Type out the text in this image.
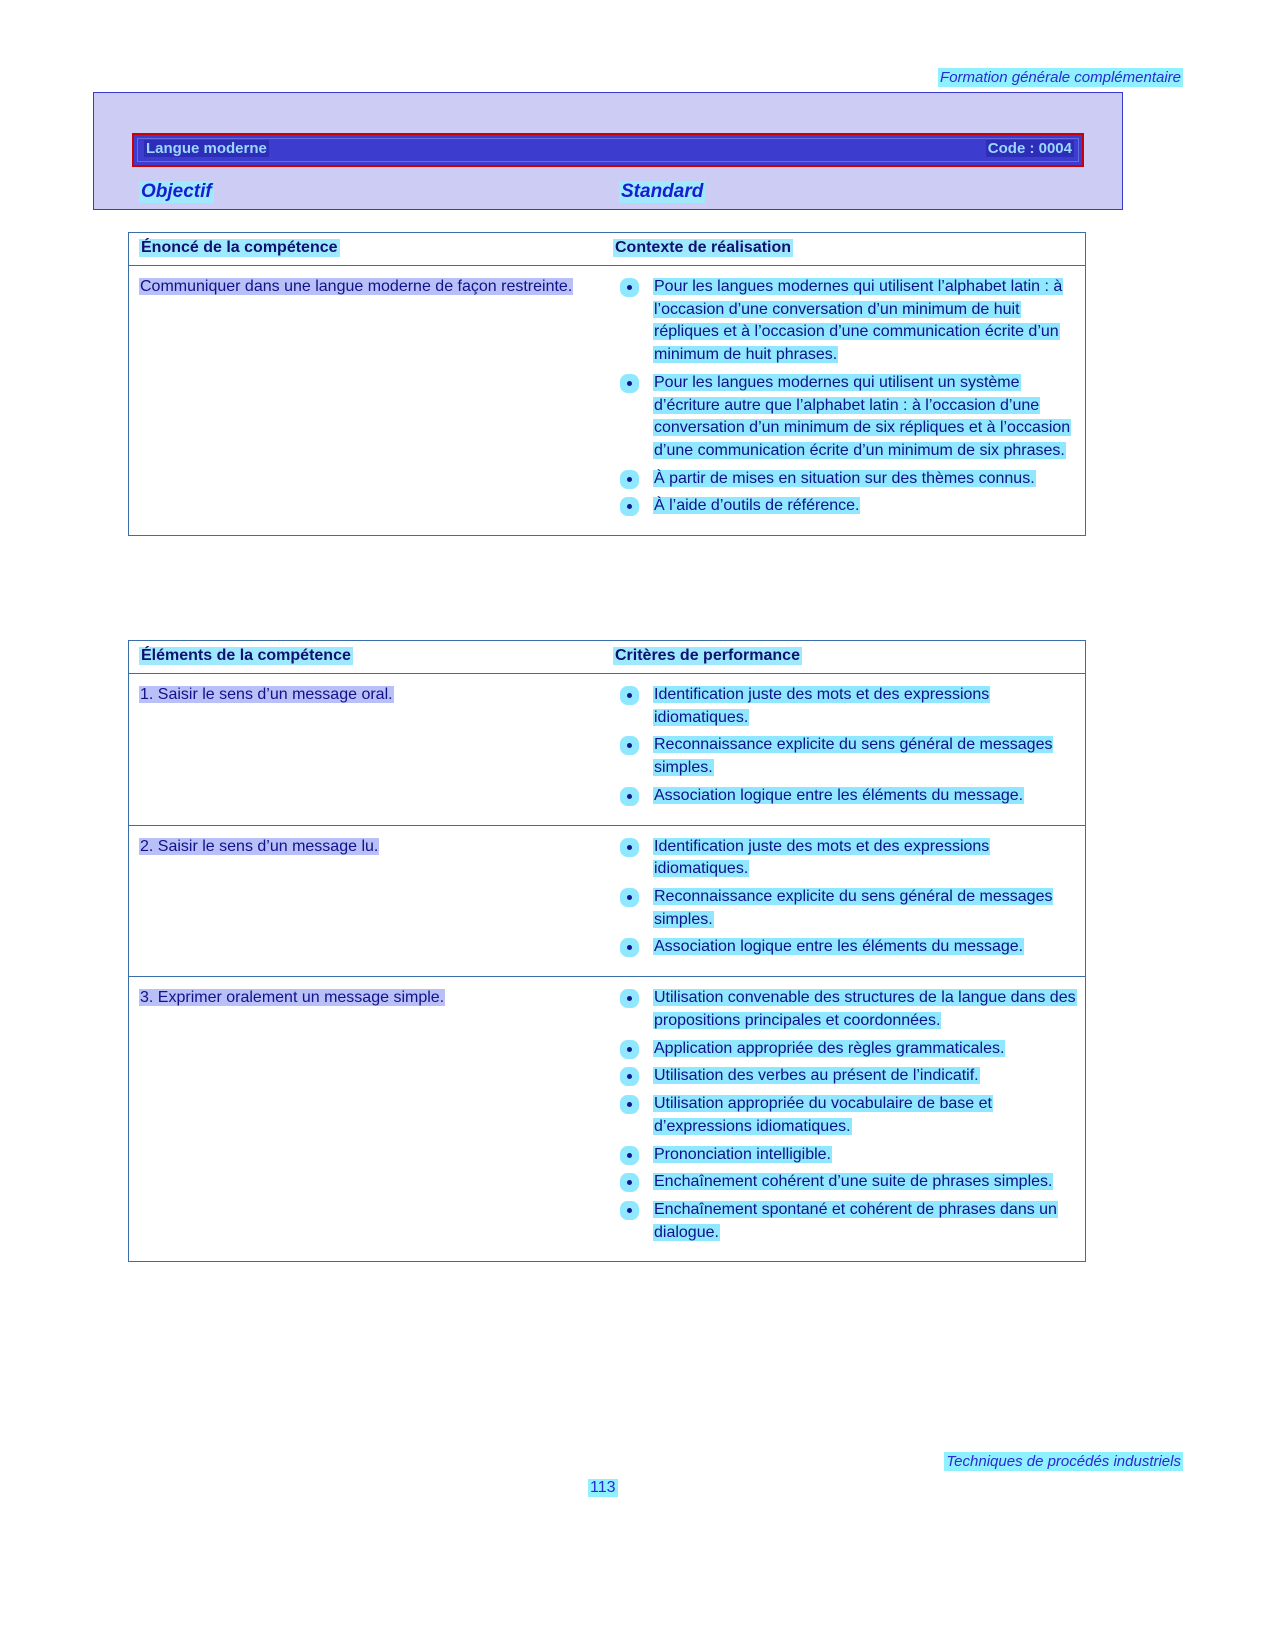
Formation générale complémentaire
Langue moderne	Code : 0004
Objectif	Standard
Énoncé de la compétence	Contexte de réalisation
Communiquer dans une langue moderne de façon restreinte.	Pour les langues modernes qui utilisent l’alphabet latin : à l’occasion d’une conversation d’un minimum de huit répliques et à l’occasion d’une communication écrite d’un minimum de huit phrases.
Pour les langues modernes qui utilisent un système d’écriture autre que l’alphabet latin : à l’occasion d’une conversation d’un minimum de six répliques et à l’occasion d’une communication écrite d’un minimum de six phrases.
À partir de mises en situation sur des thèmes connus.
À l’aide d’outils de référence.
Éléments de la compétence	Critères de performance
1. Saisir le sens d’un message oral.	Identification juste des mots et des expressions idiomatiques.
Reconnaissance explicite du sens général de messages simples.
Association logique entre les éléments du message.
2. Saisir le sens d’un message lu.	Identification juste des mots et des expressions idiomatiques.
Reconnaissance explicite du sens général de messages simples.
Association logique entre les éléments du message.
3. Exprimer oralement un message simple.	Utilisation convenable des structures de la langue dans des propositions principales et coordonnées.
Application appropriée des règles grammaticales.
Utilisation des verbes au présent de l’indicatif.
Utilisation appropriée du vocabulaire de base et d’expressions idiomatiques.
Prononciation intelligible.
Enchaînement cohérent d’une suite de phrases simples.
Enchaînement spontané et cohérent de phrases dans un dialogue.
Techniques de procédés industriels
113
